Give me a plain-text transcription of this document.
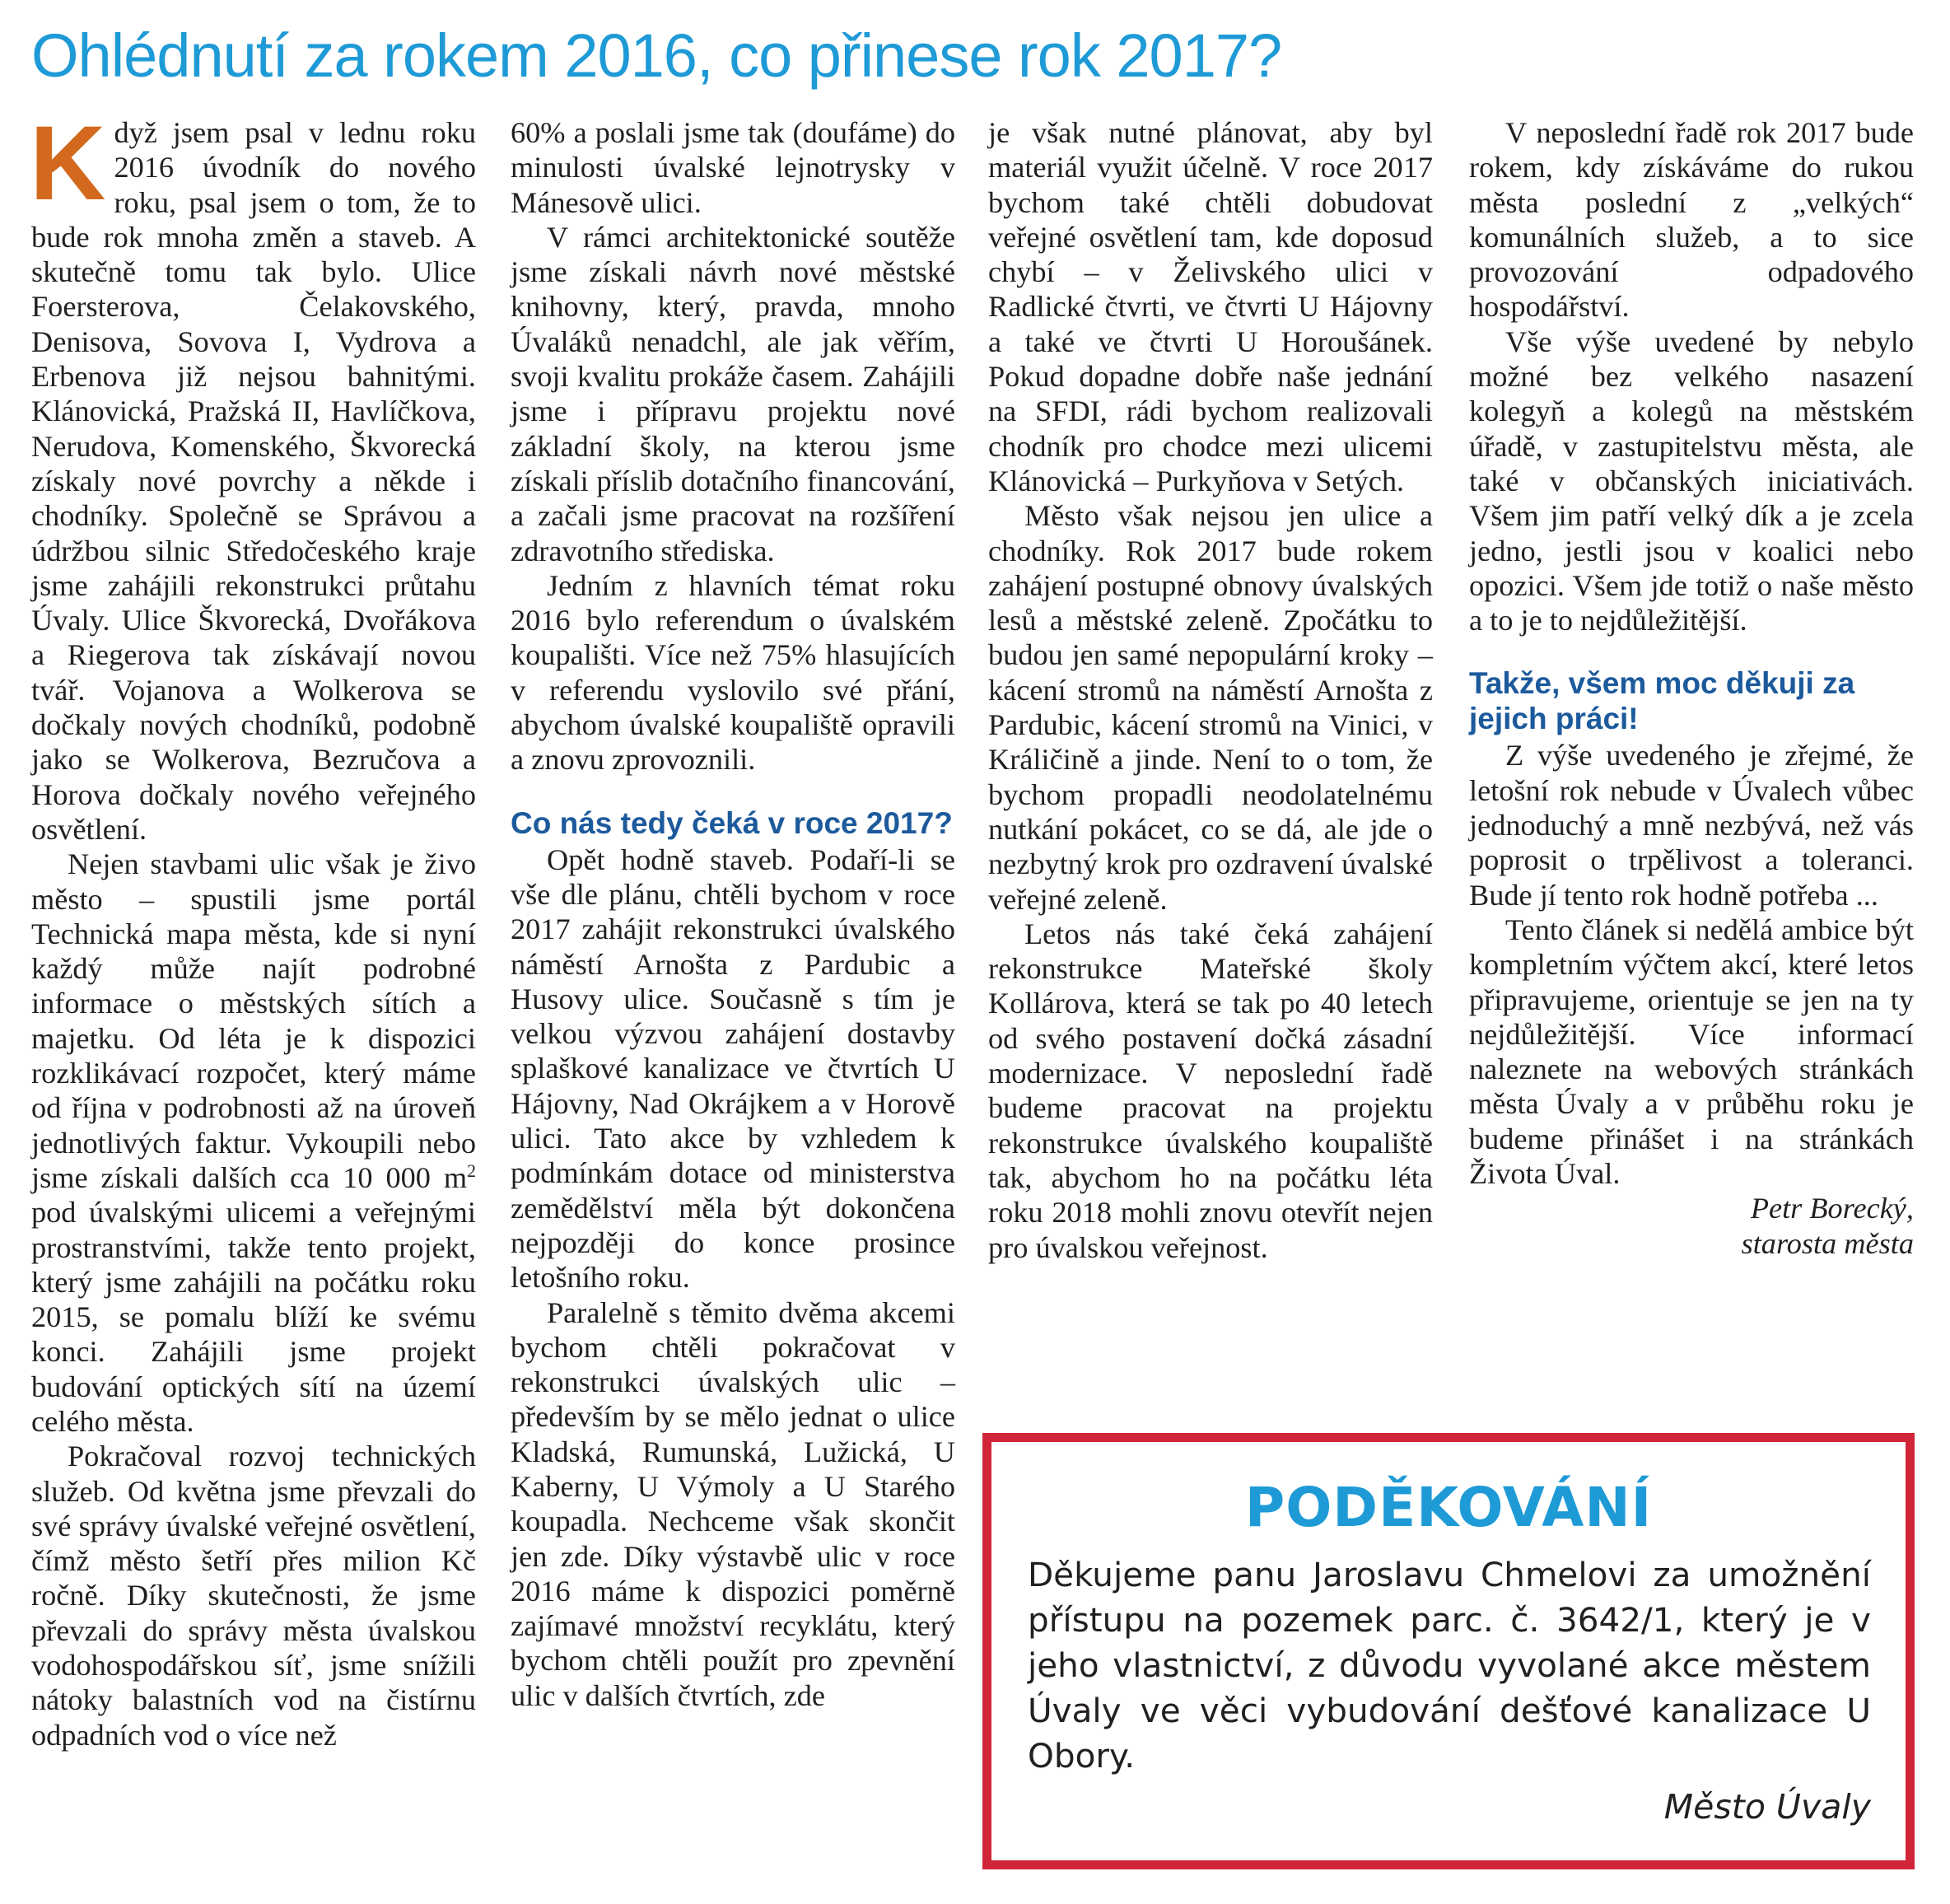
Ohlédnutí za rokem 2016, co přinese rok 2017?

Když jsem psal v lednu roku 2016 úvodník do nového roku, psal jsem o tom, že to bude rok mnoha změn a staveb. A skutečně tomu tak bylo. Ulice Foersterova, Čelakovského, Denisova, Sovova I, Vydrova a Erbenova již nejsou bahnitými. Klánovická, Pražská II, Havlíčkova, Nerudova, Komenského, Škvorecká získaly nové povrchy a někde i chodníky. Společně se Správou a údržbou silnic Středočeského kraje jsme zahájili rekonstrukci průtahu Úvaly. Ulice Škvorecká, Dvořákova a Riegerova tak získávají novou tvář. Vojanova a Wolkerova se dočkaly nových chodníků, podobně jako se Wolkerova, Bezručova a Horova dočkaly nového veřejného osvětlení.

Nejen stavbami ulic však je živo město – spustili jsme portál Technická mapa města, kde si nyní každý může najít podrobné informace o městských sítích a majetku. Od léta je k dispozici rozklikávací rozpočet, který máme od října v podrobnosti až na úroveň jednotlivých faktur. Vykoupili nebo jsme získali dalších cca 10 000 $m^2$ pod úvalskými ulicemi a veřejnými prostranstvími, takže tento projekt, který jsme zahájili na počátku roku 2015, se pomalu blíží ke svému konci. Zahájili jsme projekt budování optických sítí na území celého města.

Pokračoval rozvoj technických služeb. Od května jsme převzali do své správy úvalské veřejné osvětlení, čímž město šetří přes milion Kč ročně. Díky skutečnosti, že jsme převzali do správy města úvalskou vodohospodářskou síť, jsme snížili nátoky balastních vod na čistírnu odpadních vod o více než

60% a poslali jsme tak (doufáme) do minulosti úvalské lejnotrysky v Mánesově ulici.

V rámci architektonické soutěže jsme získali návrh nové městské knihovny, který, pravda, mnoho Úvaláků nenadchl, ale jak věřím, svoji kvalitu prokáže časem. Zahájili jsme i přípravu projektu nové základní školy, na kterou jsme získali příslib dotačního financování, a začali jsme pracovat na rozšíření zdravotního střediska.

Jedním z hlavních témat roku 2016 bylo referendum o úvalském koupališti. Více než 75% hlasujících v referendu vyslovilo své přání, abychom úvalské koupaliště opravili a znovu zprovoznili.

Co nás tedy čeká v roce 2017?

Opět hodně staveb. Podaří-li se vše dle plánu, chtěli bychom v roce 2017 zahájit rekonstrukci úvalského náměstí Arnošta z Pardubic a Husovy ulice. Současně s tím je velkou výzvou zahájení dostavby splaškové kanalizace ve čtvrtích U Hájovny, Nad Okrájkem a v Horově ulici. Tato akce by vzhledem k podmínkám dotace od ministerstva zemědělství měla být dokončena nejpozději do konce prosince letošního roku.

Paralelně s těmito dvěma akcemi bychom chtěli pokračovat v rekonstrukci úvalských ulic – především by se mělo jednat o ulice Kladská, Rumunská, Lužická, U Kaberny, U Výmoly a U Starého koupadla. Nechceme však skončit jen zde. Díky výstavbě ulic v roce 2016 máme k dispozici poměrně zajímavé množství recyklátu, který bychom chtěli použít pro zpevnění ulic v dalších čtvrtích, zde

je však nutné plánovat, aby byl materiál využit účelně. V roce 2017 bychom také chtěli dobudovat veřejné osvětlení tam, kde doposud chybí – v Želivského ulici v Radlické čtvrti, ve čtvrti U Hájovny a také ve čtvrti U Horoušánek. Pokud dopadne dobře naše jednání na SFDI, rádi bychom realizovali chodník pro chodce mezi ulicemi Klánovická – Purkyňova v Setých.

Město však nejsou jen ulice a chodníky. Rok 2017 bude rokem zahájení postupné obnovy úvalských lesů a městské zeleně. Zpočátku to budou jen samé nepopulární kroky – kácení stromů na náměstí Arnošta z Pardubic, kácení stromů na Vinici, v Králičině a jinde. Není to o tom, že bychom propadli neodolatelnému nutkání pokácet, co se dá, ale jde o nezbytný krok pro ozdravení úvalské veřejné zeleně.

Letos nás také čeká zahájení rekonstrukce Mateřské školy Kollárova, která se tak po 40 letech od svého postavení dočká zásadní modernizace. V neposlední řadě budeme pracovat na projektu rekonstrukce úvalského koupaliště tak, abychom ho na počátku léta roku 2018 mohli znovu otevřít nejen pro úvalskou veřejnost.

V neposlední řadě rok 2017 bude rokem, kdy získáváme do rukou města poslední z „velkých“ komunálních služeb, a to sice provozování odpadového hospodářství.

Vše výše uvedené by nebylo možné bez velkého nasazení kolegyň a kolegů na městském úřadě, v zastupitelstvu města, ale také v občanských iniciativách. Všem jim patří velký dík a je zcela jedno, jestli jsou v koalici nebo opozici. Všem jde totiž o naše město a to je to nejdůležitější.

Takže, všem moc děkuji za jejich práci!

Z výše uvedeného je zřejmé, že letošní rok nebude v Úvalech vůbec jednoduchý a mně nezbývá, než vás poprosit o trpělivost a toleranci. Bude jí tento rok hodně potřeba ...

Tento článek si nedělá ambice být kompletním výčtem akcí, které letos připravujeme, orientuje se jen na ty nejdůležitější. Více informací naleznete na webových stránkách města Úvaly a v průběhu roku je budeme přinášet i na stránkách Života Úval.

Petr Borecký,
starosta města
PODĚKOVÁNÍ

Děkujeme panu Jaroslavu Chmelovi za umožnění přístupu na pozemek parc. č. 3642/1, který je v jeho vlastnictví, z důvodu vyvolané akce městem Úvaly ve věci vybudování dešťové kanalizace U Obory.

Město Úvaly
